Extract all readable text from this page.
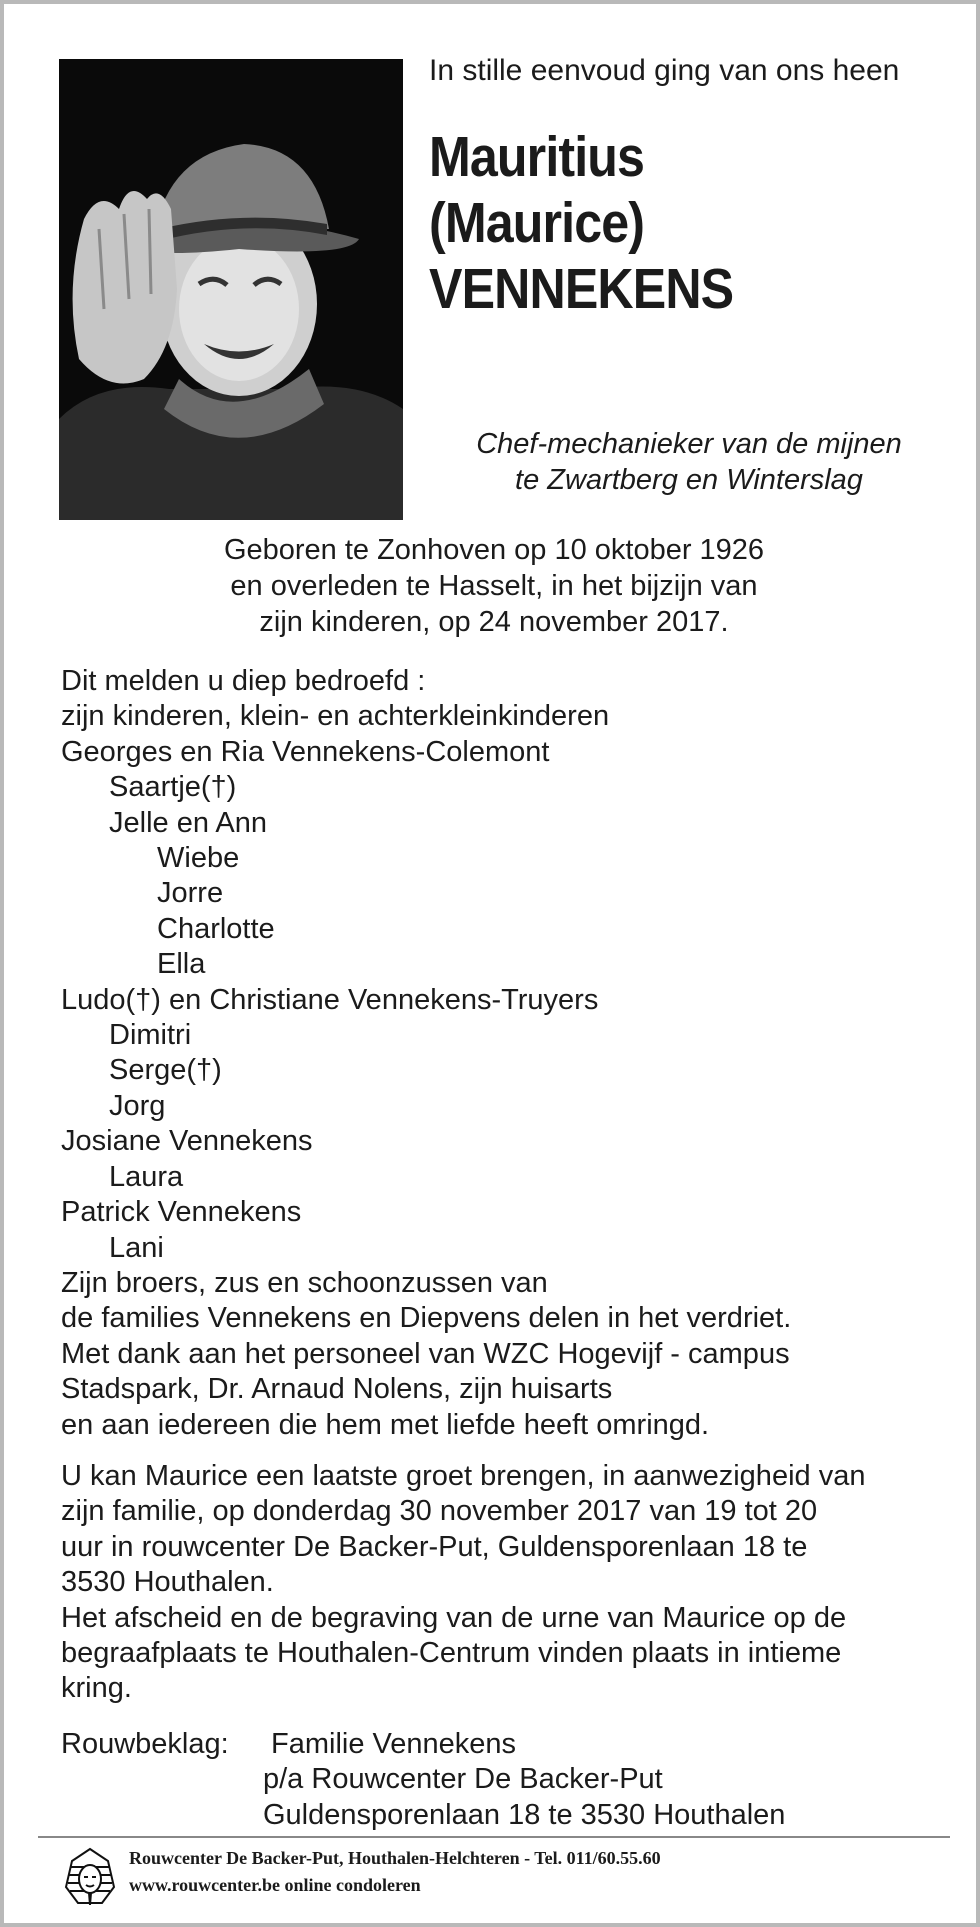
In stille eenvoud ging van ons heen
Mauritius
(Maurice)
VENNEKENS
Chef-mechanieker van de mijnen
te Zwartberg en Winterslag
Geboren te Zonhoven op 10 oktober 1926
en overleden te Hasselt, in het bijzijn van
zijn kinderen, op 24 november 2017.
Dit melden u diep bedroefd :
zijn kinderen, klein- en achterkleinkinderen
Georges en Ria Vennekens-Colemont
Saartje(†)
Jelle en Ann
Wiebe
Jorre
Charlotte
Ella
Ludo(†) en Christiane Vennekens-Truyers
Dimitri
Serge(†)
Jorg
Josiane Vennekens
Laura
Patrick Vennekens
Lani
Zijn broers, zus en schoonzussen van
de families Vennekens en Diepvens delen in het verdriet.
Met dank aan het personeel van WZC Hogevijf - campus
Stadspark, Dr. Arnaud Nolens, zijn huisarts
en aan iedereen die hem met liefde heeft omringd.
U kan Maurice een laatste groet brengen, in aanwezigheid van
zijn familie, op donderdag 30 november 2017 van 19 tot 20
uur in rouwcenter De Backer-Put, Guldensporenlaan 18 te
3530 Houthalen.
Het afscheid en de begraving van de urne van Maurice op de
begraafplaats te Houthalen-Centrum vinden plaats in intieme
kring.
Rouwbeklag: Familie Vennekens
p/a Rouwcenter De Backer-Put
Guldensporenlaan 18 te 3530 Houthalen
Rouwcenter De Backer-Put, Houthalen-Helchteren - Tel. 011/60.55.60
www.rouwcenter.be online condoleren
